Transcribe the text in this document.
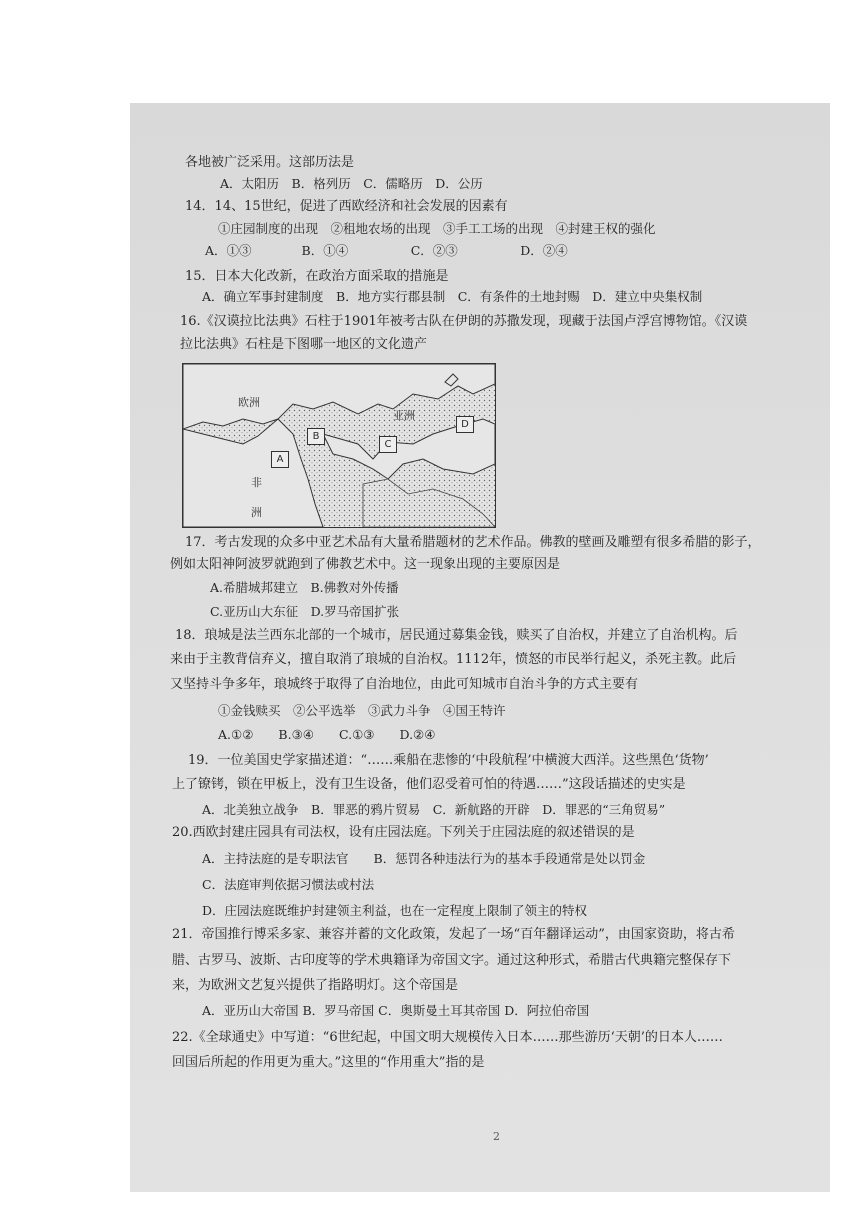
各地被广泛采用。这部历法是
A．太阳历　B．格列历　C．儒略历　D．公历
14．14、15世纪，促进了西欧经济和社会发展的因素有
①庄园制度的出现　②租地农场的出现　③手工工场的出现　④封建王权的强化
A．①③　　　　B．①④　　　　　C．②③　　　　　D．②④
15．日本大化改新，在政治方面采取的措施是
A．确立军事封建制度　B．地方实行郡县制　C．有条件的土地封赐　D．建立中央集权制
16.《汉谟拉比法典》石柱于1901年被考古队在伊朗的苏撒发现，现藏于法国卢浮宫博物馆。《汉谟
拉比法典》石柱是下图哪一地区的文化遗产
欧洲
亚洲
非
洲
A
B
C
D
17．考古发现的众多中亚艺术品有大量希腊题材的艺术作品。佛教的壁画及雕塑有很多希腊的影子，
例如太阳神阿波罗就跑到了佛教艺术中。这一现象出现的主要原因是
A.希腊城邦建立　B.佛教对外传播
C.亚历山大东征　D.罗马帝国扩张
18．琅城是法兰西东北部的一个城市，居民通过募集金钱，赎买了自治权，并建立了自治机构。后
来由于主教背信弃义，擅自取消了琅城的自治权。1112年，愤怒的市民举行起义，杀死主教。此后
又坚持斗争多年，琅城终于取得了自治地位，由此可知城市自治斗争的方式主要有
①金钱赎买　②公平选举　③武力斗争　④国王特许
A.①②　　B.③④　　C.①③　　D.②④
19．一位美国史学家描述道：“……乘船在悲惨的‘中段航程’中横渡大西洋。这些黑色‘货物’
上了镣铐，锁在甲板上，没有卫生设备，他们忍受着可怕的待遇……”这段话描述的史实是
A．北美独立战争　B．罪恶的鸦片贸易　C．新航路的开辟　D．罪恶的“三角贸易”
20.西欧封建庄园具有司法权，设有庄园法庭。下列关于庄园法庭的叙述错误的是
A．主持法庭的是专职法官　　B．惩罚各种违法行为的基本手段通常是处以罚金
C．法庭审判依据习惯法或村法
D．庄园法庭既维护封建领主利益，也在一定程度上限制了领主的特权
21．帝国推行博采多家、兼容并蓄的文化政策，发起了一场“百年翻译运动”，由国家资助，将古希
腊、古罗马、波斯、古印度等的学术典籍译为帝国文字。通过这种形式，希腊古代典籍完整保存下
来，为欧洲文艺复兴提供了指路明灯。这个帝国是
A．亚历山大帝国 B．罗马帝国 C．奥斯曼土耳其帝国 D．阿拉伯帝国
22.《全球通史》中写道：“6世纪起，中国文明大规模传入日本……那些游历‘天朝’的日本人……
回国后所起的作用更为重大。”这里的“作用重大”指的是
2
